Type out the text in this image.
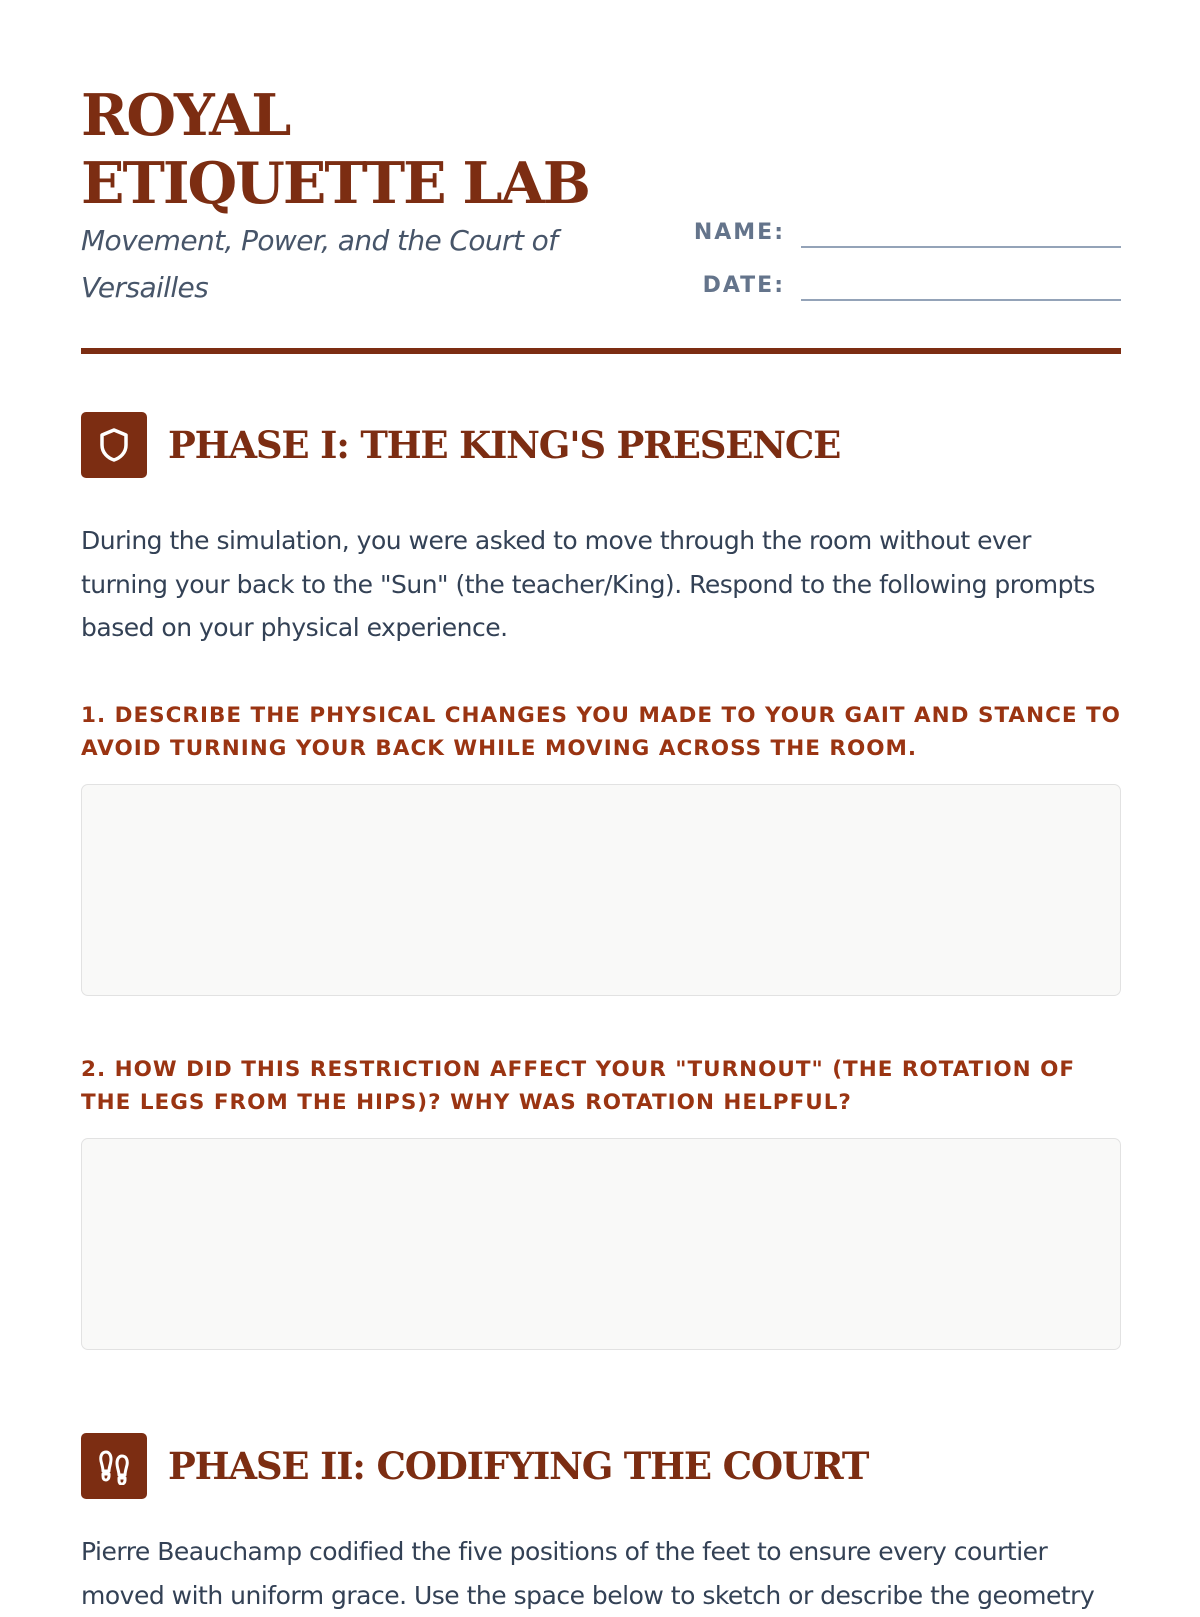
ROYAL ETIQUETTE LAB

Movement, Power, and the Court of Versailles

NAME:
DATE:
PHASE I: THE KING'S PRESENCE

During the simulation, you were asked to move through the room without ever turning your back to the "Sun" (the teacher/King). Respond to the following prompts based on your physical experience.

1. DESCRIBE THE PHYSICAL CHANGES YOU MADE TO YOUR GAIT AND STANCE TO AVOID TURNING YOUR BACK WHILE MOVING ACROSS THE ROOM.

2. HOW DID THIS RESTRICTION AFFECT YOUR "TURNOUT" (THE ROTATION OF THE LEGS FROM THE HIPS)? WHY WAS ROTATION HELPFUL?

PHASE II: CODIFYING THE COURT

Pierre Beauchamp codified the five positions of the feet to ensure every courtier moved with uniform grace. Use the space below to sketch or describe the geometry
